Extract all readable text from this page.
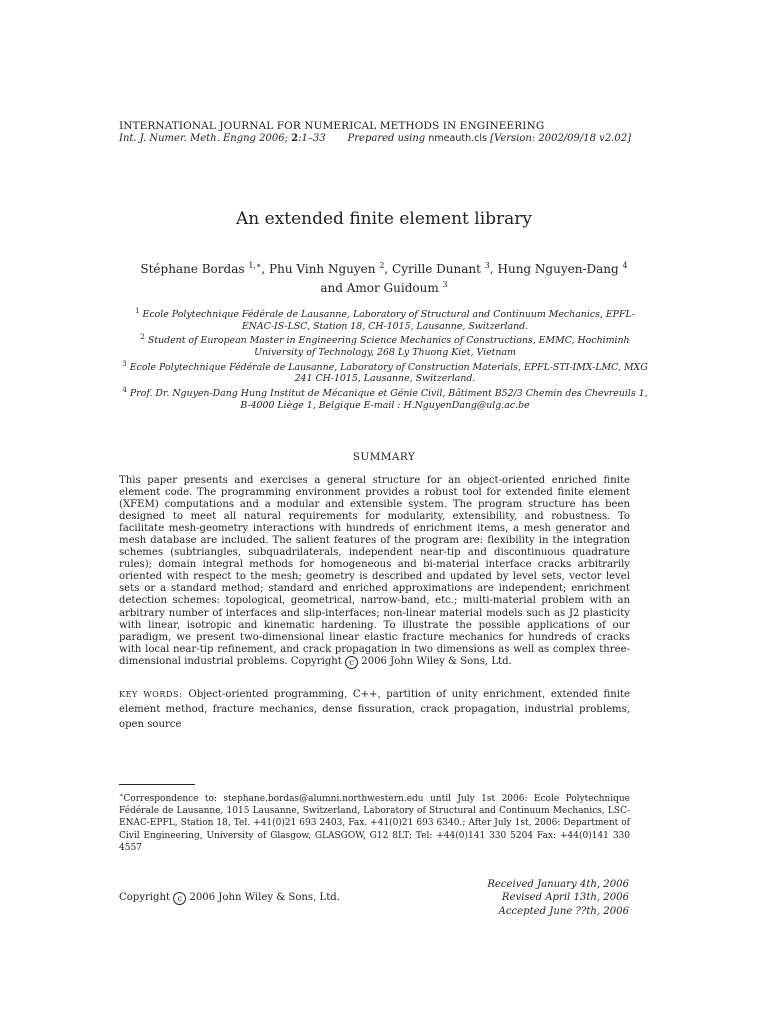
INTERNATIONAL JOURNAL FOR NUMERICAL METHODS IN ENGINEERING
Int. J. Numer. Meth. Engng 2006; 2:1–33 Prepared using nmeauth.cls [Version: 2002/09/18 v2.02]
An extended finite element library
Stéphane Bordas $^{1,∗}$, Phu Vinh Nguyen $^2$, Cyrille Dunant $^3$, Hung Nguyen-Dang $^4$
and Amor Guidoum $^3$
$^1$ Ecole Polytechnique Fédérale de Lausanne, Laboratory of Structural and Continuum Mechanics, EPFL-ENAC-IS-LSC, Station 18, CH-1015, Lausanne, Switzerland.
$^2$ Student of European Master in Engineering Science Mechanics of Constructions, EMMC, Hochiminh University of Technology, 268 Ly Thuong Kiet, Vietnam
$^3$ Ecole Polytechnique Fédérale de Lausanne, Laboratory of Construction Materials, EPFL-STI-IMX-LMC, MXG 241 CH-1015, Lausanne, Switzerland.
$^4$ Prof. Dr. Nguyen-Dang Hung Institut de Mécanique et Génie Civil, Bâtiment B52/3 Chemin des Chevreuils 1, B-4000 Liège 1, Belgique E-mail : H.NguyenDang@ulg.ac.be
SUMMARY
This paper presents and exercises a general structure for an object-oriented enriched finite element code. The programming environment provides a robust tool for extended finite element (XFEM) computations and a modular and extensible system. The program structure has been designed to meet all natural requirements for modularity, extensibility, and robustness. To facilitate mesh-geometry interactions with hundreds of enrichment items, a mesh generator and mesh database are included. The salient features of the program are: flexibility in the integration schemes (subtriangles, subquadrilaterals, independent near-tip and discontinuous quadrature rules); domain integral methods for homogeneous and bi-material interface cracks arbitrarily oriented with respect to the mesh; geometry is described and updated by level sets, vector level sets or a standard method; standard and enriched approximations are independent; enrichment detection schemes: topological, geometrical, narrow-band, etc.; multi-material problem with an arbitrary number of interfaces and slip-interfaces; non-linear material models such as J2 plasticity with linear, isotropic and kinematic hardening. To illustrate the possible applications of our paradigm, we present two-dimensional linear elastic fracture mechanics for hundreds of cracks with local near-tip refinement, and crack propagation in two dimensions as well as complex three-dimensional industrial problems. Copyright c 2006 John Wiley & Sons, Ltd.
KEY WORDS: Object-oriented programming, C++, partition of unity enrichment, extended finite element method, fracture mechanics, dense fissuration, crack propagation, industrial problems, open source
∗Correspondence to: stephane.bordas@alumni.northwestern.edu until July 1st 2006: Ecole Polytechnique Fédérale de Lausanne, 1015 Lausanne, Switzerland, Laboratory of Structural and Continuum Mechanics, LSC-ENAC-EPFL, Station 18, Tel. +41(0)21 693 2403, Fax. +41(0)21 693 6340.; After July 1st, 2006: Department of Civil Engineering, University of Glasgow, GLASGOW, G12 8LT; Tel: +44(0)141 330 5204 Fax: +44(0)141 330 4557
Copyright c 2006 John Wiley & Sons, Ltd.
Received January 4th, 2006
Revised April 13th, 2006
Accepted June ??th, 2006
